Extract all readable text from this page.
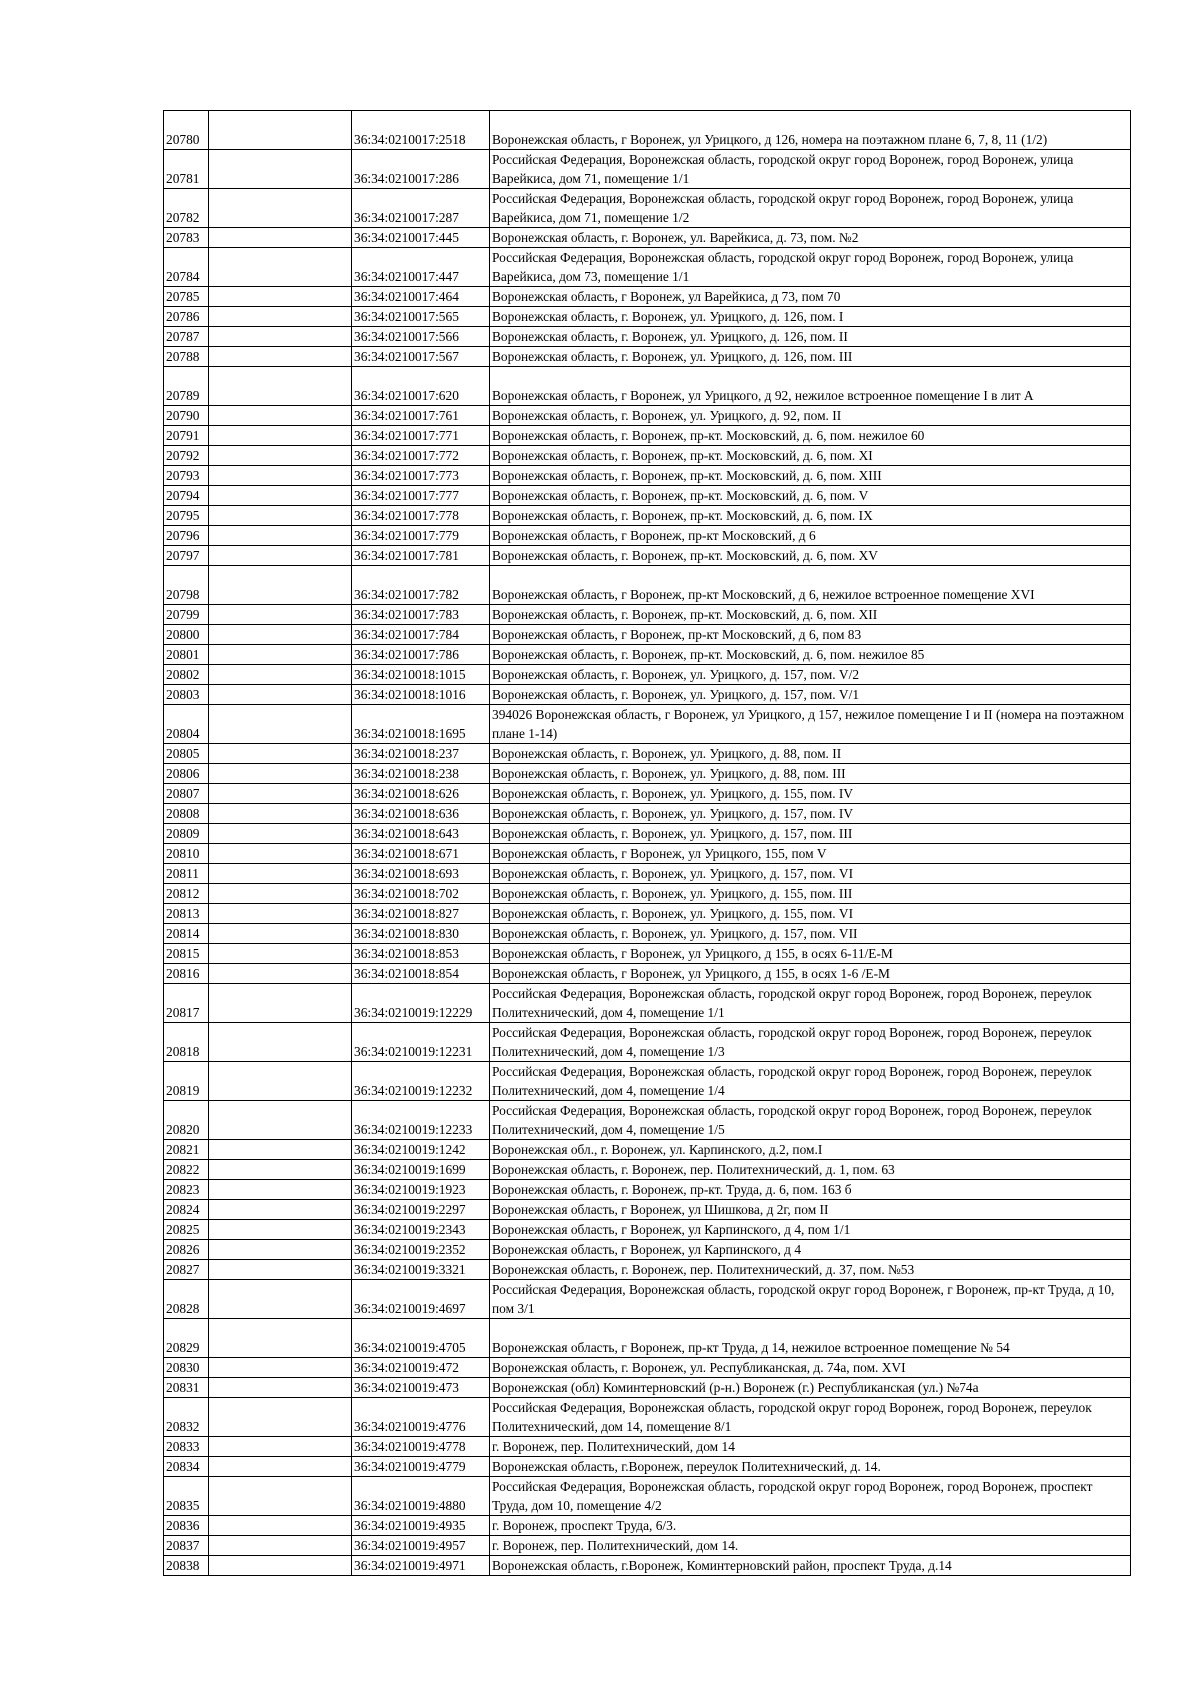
20780		36:34:0210017:2518	Воронежская область, г Воронеж, ул Урицкого, д 126, номера на поэтажном плане 6, 7, 8, 11 (1/2)
20781		36:34:0210017:286	Российская Федерация, Воронежская область, городской округ город Воронеж, город Воронеж, улица Варейкиса, дом 71, помещение 1/1
20782		36:34:0210017:287	Российская Федерация, Воронежская область, городской округ город Воронеж, город Воронеж, улица Варейкиса, дом 71, помещение 1/2
20783		36:34:0210017:445	Воронежская область, г. Воронеж, ул. Варейкиса, д. 73, пом. №2
20784		36:34:0210017:447	Российская Федерация, Воронежская область, городской округ город Воронеж, город Воронеж, улица Варейкиса, дом 73, помещение 1/1
20785		36:34:0210017:464	Воронежская область, г Воронеж, ул Варейкиса, д 73, пом 70
20786		36:34:0210017:565	Воронежская область, г. Воронеж, ул. Урицкого, д. 126, пом. I
20787		36:34:0210017:566	Воронежская область, г. Воронеж, ул. Урицкого, д. 126, пом. II
20788		36:34:0210017:567	Воронежская область, г. Воронеж, ул. Урицкого, д. 126, пом. III
20789		36:34:0210017:620	Воронежская область, г Воронеж, ул Урицкого, д 92, нежилое встроенное помещение I в лит А
20790		36:34:0210017:761	Воронежская область, г. Воронеж, ул. Урицкого, д. 92, пом. II
20791		36:34:0210017:771	Воронежская область, г. Воронеж, пр-кт. Московский, д. 6, пом. нежилое 60
20792		36:34:0210017:772	Воронежская область, г. Воронеж, пр-кт. Московский, д. 6, пом. XI
20793		36:34:0210017:773	Воронежская область, г. Воронеж, пр-кт. Московский, д. 6, пом. XIII
20794		36:34:0210017:777	Воронежская область, г. Воронеж, пр-кт. Московский, д. 6, пом. V
20795		36:34:0210017:778	Воронежская область, г. Воронеж, пр-кт. Московский, д. 6, пом. IX
20796		36:34:0210017:779	Воронежская область, г Воронеж, пр-кт Московский, д 6
20797		36:34:0210017:781	Воронежская область, г. Воронеж, пр-кт. Московский, д. 6, пом. XV
20798		36:34:0210017:782	Воронежская область, г Воронеж, пр-кт Московский, д 6, нежилое встроенное помещение XVI
20799		36:34:0210017:783	Воронежская область, г. Воронеж, пр-кт. Московский, д. 6, пом. XII
20800		36:34:0210017:784	Воронежская область, г Воронеж, пр-кт Московский, д 6, пом 83
20801		36:34:0210017:786	Воронежская область, г. Воронеж, пр-кт. Московский, д. 6, пом. нежилое 85
20802		36:34:0210018:1015	Воронежская область, г. Воронеж, ул. Урицкого, д. 157, пом. V/2
20803		36:34:0210018:1016	Воронежская область, г. Воронеж, ул. Урицкого, д. 157, пом. V/1
20804		36:34:0210018:1695	394026 Воронежская область, г Воронеж, ул Урицкого, д 157, нежилое помещение I и II (номера на поэтажном плане 1-14)
20805		36:34:0210018:237	Воронежская область, г. Воронеж, ул. Урицкого, д. 88, пом. II
20806		36:34:0210018:238	Воронежская область, г. Воронеж, ул. Урицкого, д. 88, пом. III
20807		36:34:0210018:626	Воронежская область, г. Воронеж, ул. Урицкого, д. 155, пом. IV
20808		36:34:0210018:636	Воронежская область, г. Воронеж, ул. Урицкого, д. 157, пом. IV
20809		36:34:0210018:643	Воронежская область, г. Воронеж, ул. Урицкого, д. 157, пом. III
20810		36:34:0210018:671	Воронежская область, г Воронеж, ул Урицкого, 155, пом V
20811		36:34:0210018:693	Воронежская область, г. Воронеж, ул. Урицкого, д. 157, пом. VI
20812		36:34:0210018:702	Воронежская область, г. Воронеж, ул. Урицкого, д. 155, пом. III
20813		36:34:0210018:827	Воронежская область, г. Воронеж, ул. Урицкого, д. 155, пом. VI
20814		36:34:0210018:830	Воронежская область, г. Воронеж, ул. Урицкого, д. 157, пом. VII
20815		36:34:0210018:853	Воронежская область, г Воронеж, ул Урицкого, д 155, в осях 6-11/Е-М
20816		36:34:0210018:854	Воронежская область, г Воронеж, ул Урицкого, д 155, в осях 1-6 /Е-М
20817		36:34:0210019:12229	Российская Федерация, Воронежская область, городской округ город Воронеж, город Воронеж, переулок Политехнический, дом 4, помещение 1/1
20818		36:34:0210019:12231	Российская Федерация, Воронежская область, городской округ город Воронеж, город Воронеж, переулок Политехнический, дом 4, помещение 1/3
20819		36:34:0210019:12232	Российская Федерация, Воронежская область, городской округ город Воронеж, город Воронеж, переулок Политехнический, дом 4, помещение 1/4
20820		36:34:0210019:12233	Российская Федерация, Воронежская область, городской округ город Воронеж, город Воронеж, переулок Политехнический, дом 4, помещение 1/5
20821		36:34:0210019:1242	Воронежская обл., г. Воронеж, ул. Карпинского, д.2, пом.I
20822		36:34:0210019:1699	Воронежская область, г. Воронеж, пер. Политехнический, д. 1, пом. 63
20823		36:34:0210019:1923	Воронежская область, г. Воронеж, пр-кт. Труда, д. 6, пом. 163 б
20824		36:34:0210019:2297	Воронежская область, г Воронеж, ул Шишкова, д 2г, пом II
20825		36:34:0210019:2343	Воронежская область, г Воронеж, ул Карпинского, д 4, пом 1/1
20826		36:34:0210019:2352	Воронежская область, г Воронеж, ул Карпинского, д 4
20827		36:34:0210019:3321	Воронежская область, г. Воронеж, пер. Политехнический, д. 37, пом. №53
20828		36:34:0210019:4697	Российская Федерация, Воронежская область, городской округ город Воронеж, г Воронеж, пр-кт Труда, д 10, пом 3/1
20829		36:34:0210019:4705	Воронежская область, г Воронеж, пр-кт Труда, д 14, нежилое встроенное помещение № 54
20830		36:34:0210019:472	Воронежская область, г. Воронеж, ул. Республиканская, д. 74а, пом. XVI
20831		36:34:0210019:473	Воронежская (обл) Коминтерновский (р-н.) Воронеж (г.) Республиканская (ул.) №74а
20832		36:34:0210019:4776	Российская Федерация, Воронежская область, городской округ город Воронеж, город Воронеж, переулок Политехнический, дом 14, помещение 8/1
20833		36:34:0210019:4778	г. Воронеж, пер. Политехнический, дом 14
20834		36:34:0210019:4779	Воронежская область, г.Воронеж, переулок Политехнический, д. 14.
20835		36:34:0210019:4880	Российская Федерация, Воронежская область, городской округ город Воронеж, город Воронеж, проспект Труда, дом 10, помещение 4/2
20836		36:34:0210019:4935	г. Воронеж, проспект Труда, 6/3.
20837		36:34:0210019:4957	г. Воронеж, пер. Политехнический, дом 14.
20838		36:34:0210019:4971	Воронежская область, г.Воронеж, Коминтерновский район, проспект Труда, д.14
